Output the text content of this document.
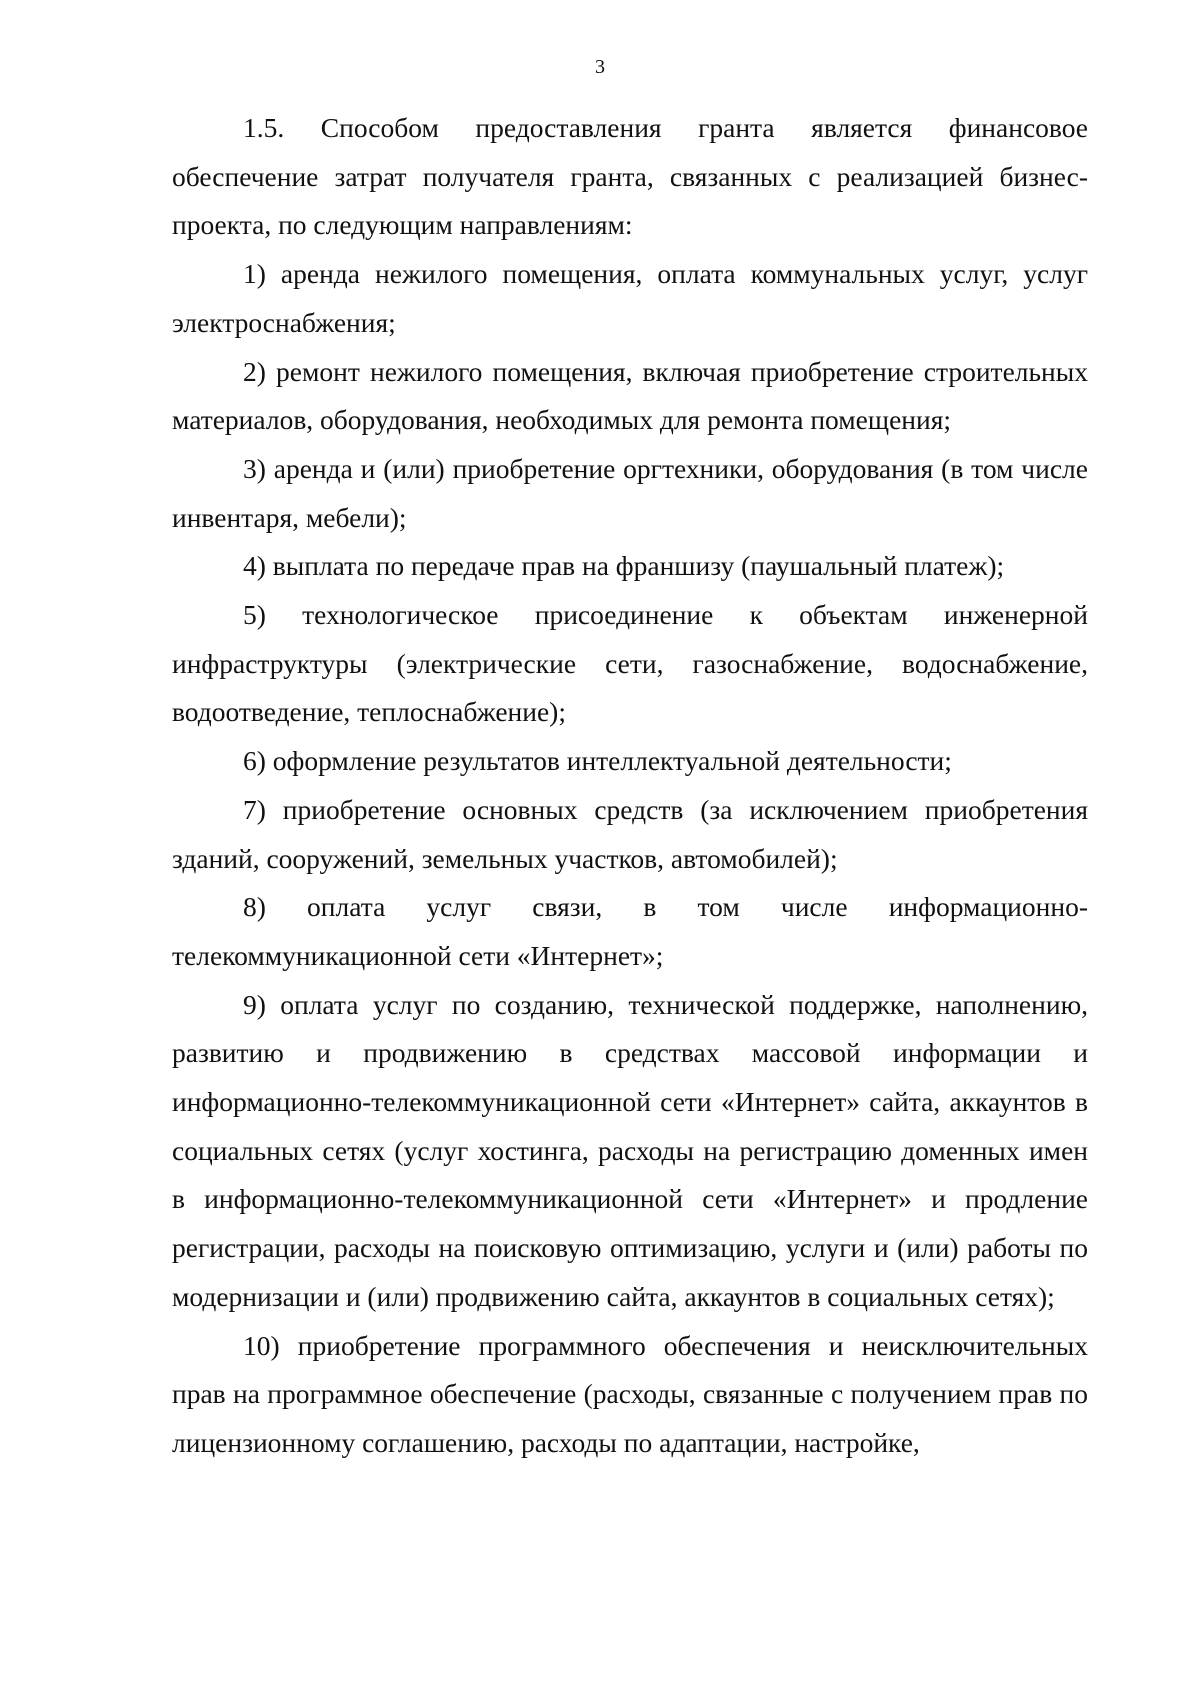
3

1.5. Способом предоставления гранта является финансовое обеспечение затрат получателя гранта, связанных с реализацией бизнес-проекта, по следующим направлениям:

1) аренда нежилого помещения, оплата коммунальных услуг, услуг электроснабжения;

2) ремонт нежилого помещения, включая приобретение строительных материалов, оборудования, необходимых для ремонта помещения;

3) аренда и (или) приобретение оргтехники, оборудования (в том числе инвентаря, мебели);

4) выплата по передаче прав на франшизу (паушальный платеж);

5) технологическое присоединение к объектам инженерной инфраструктуры (электрические сети, газоснабжение, водоснабжение, водоотведение, теплоснабжение);

6) оформление результатов интеллектуальной деятельности;

7) приобретение основных средств (за исключением приобретения зданий, сооружений, земельных участков, автомобилей);

8) оплата услуг связи, в том числе информационно-телекоммуникационной сети «Интернет»;

9) оплата услуг по созданию, технической поддержке, наполнению, развитию и продвижению в средствах массовой информации и информационно-телекоммуникационной сети «Интернет» сайта, аккаунтов в социальных сетях (услуг хостинга, расходы на регистрацию доменных имен в информационно-телекоммуникационной сети «Интернет» и продление регистрации, расходы на поисковую оптимизацию, услуги и (или) работы по модернизации и (или) продвижению сайта, аккаунтов в социальных сетях);

10) приобретение программного обеспечения и неисключительных прав на программное обеспечение (расходы, связанные с получением прав по лицензионному соглашению, расходы по адаптации, настройке,
